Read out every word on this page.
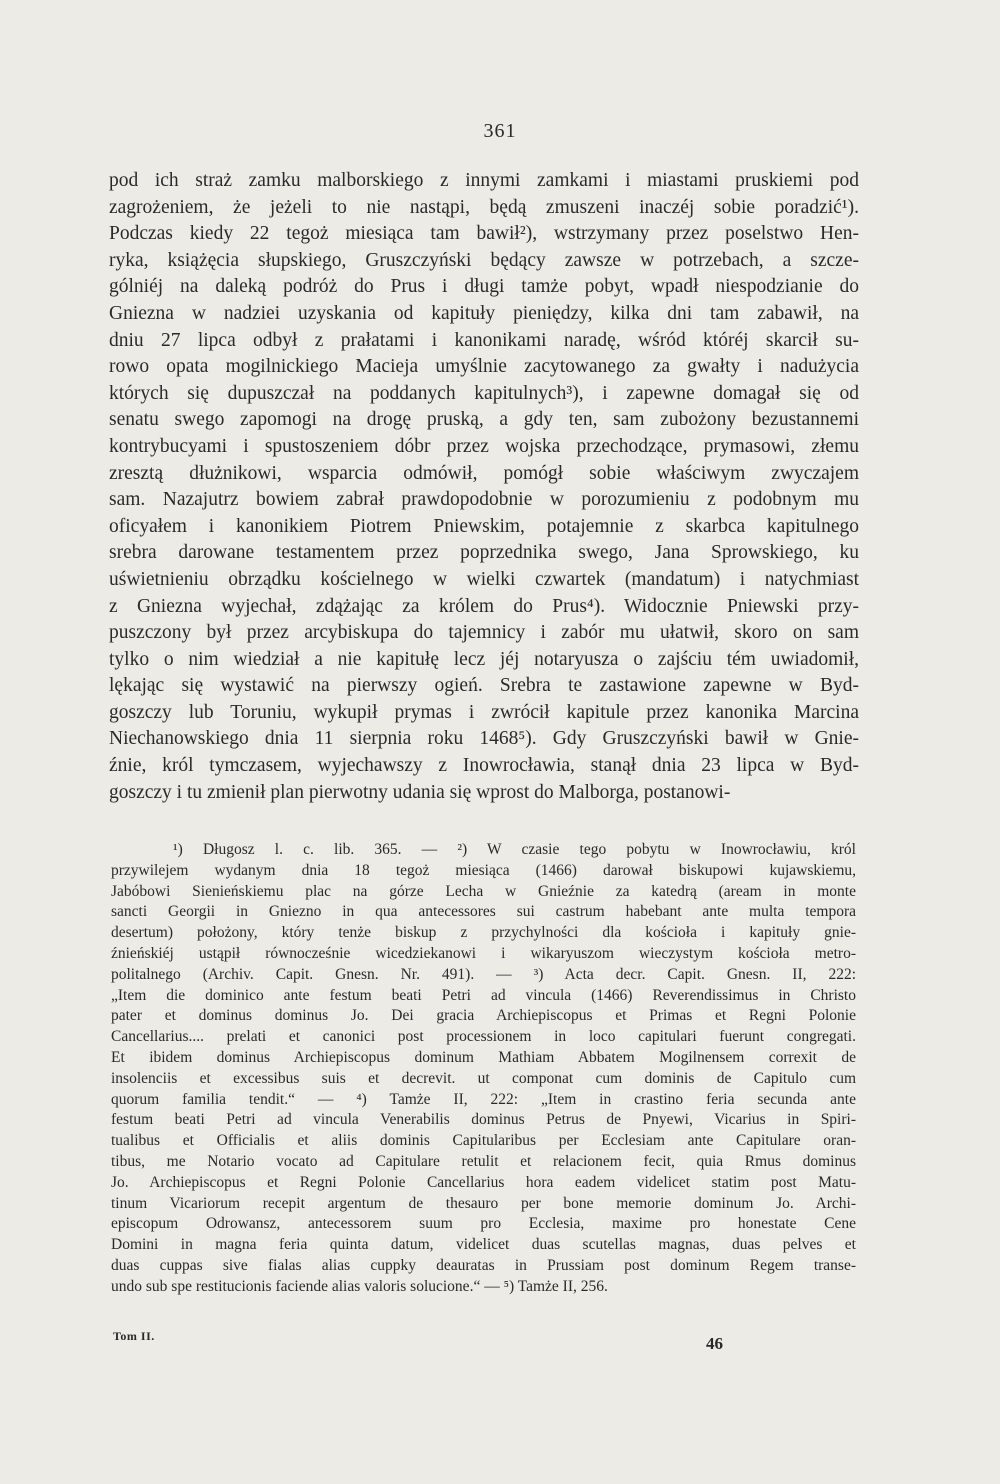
361
pod ich straż zamku malborskiego z innymi zamkami i miastami pruskiemi pod
zagrożeniem, że jeżeli to nie nastąpi, będą zmuszeni inaczéj sobie poradzić¹).
Podczas kiedy 22 tegoż miesiąca tam bawił²), wstrzymany przez poselstwo Hen-
ryka, książęcia słupskiego, Gruszczyński będący zawsze w potrzebach, a szcze-
gólniéj na daleką podróż do Prus i długi tamże pobyt, wpadł niespodzianie do
Gniezna w nadziei uzyskania od kapituły pieniędzy, kilka dni tam zabawił, na
dniu 27 lipca odbył z prałatami i kanonikami naradę, wśród któréj skarcił su-
rowo opata mogilnickiego Macieja umyślnie zacytowanego za gwałty i nadużycia
których się dupuszczał na poddanych kapitulnych³), i zapewne domagał się od
senatu swego zapomogi na drogę pruską, a gdy ten, sam zubożony bezustannemi
kontrybucyami i spustoszeniem dóbr przez wojska przechodzące, prymasowi, złemu
zresztą dłużnikowi, wsparcia odmówił, pomógł sobie właściwym zwyczajem
sam. Nazajutrz bowiem zabrał prawdopodobnie w porozumieniu z podobnym mu
oficyałem i kanonikiem Piotrem Pniewskim, potajemnie z skarbca kapitulnego
srebra darowane testamentem przez poprzednika swego, Jana Sprowskiego, ku
uświetnieniu obrządku kościelnego w wielki czwartek (mandatum) i natychmiast
z Gniezna wyjechał, zdążając za królem do Prus⁴). Widocznie Pniewski przy-
puszczony był przez arcybiskupa do tajemnicy i zabór mu ułatwił, skoro on sam
tylko o nim wiedział a nie kapitułę lecz jéj notaryusza o zajściu tém uwiadomił,
lękając się wystawić na pierwszy ogień. Srebra te zastawione zapewne w Byd-
goszczy lub Toruniu, wykupił prymas i zwrócił kapitule przez kanonika Marcina
Niechanowskiego dnia 11 sierpnia roku 1468⁵). Gdy Gruszczyński bawił w Gnie-
źnie, król tymczasem, wyjechawszy z Inowrocławia, stanął dnia 23 lipca w Byd-
goszczy i tu zmienił plan pierwotny udania się wprost do Malborga, postanowi-
¹) Długosz l. c. lib. 365. — ²) W czasie tego pobytu w Inowrocławiu, król
przywilejem wydanym dnia 18 tegoż miesiąca (1466) darował biskupowi kujawskiemu,
Jabóbowi Sienieńskiemu plac na górze Lecha w Gnieźnie za katedrą (aream in monte
sancti Georgii in Gniezno in qua antecessores sui castrum habebant ante multa tempora
desertum) położony, który tenże biskup z przychylności dla kościoła i kapituły gnie-
źnieńskiéj ustąpił równocześnie wicedziekanowi i wikaryuszom wieczystym kościoła metro-
politalnego (Archiv. Capit. Gnesn. Nr. 491). — ³) Acta decr. Capit. Gnesn. II, 222:
„Item die dominico ante festum beati Petri ad vincula (1466) Reverendissimus in Christo
pater et dominus dominus Jo. Dei gracia Archiepiscopus et Primas et Regni Polonie
Cancellarius.... prelati et canonici post processionem in loco capitulari fuerunt congregati.
Et ibidem dominus Archiepiscopus dominum Mathiam Abbatem Mogilnensem correxit de
insolenciis et excessibus suis et decrevit. ut componat cum dominis de Capitulo cum
quorum familia tendit.“ — ⁴) Tamże II, 222: „Item in crastino feria secunda ante
festum beati Petri ad vincula Venerabilis dominus Petrus de Pnyewi, Vicarius in Spiri-
tualibus et Officialis et aliis dominis Capitularibus per Ecclesiam ante Capitulare oran-
tibus, me Notario vocato ad Capitulare retulit et relacionem fecit, quia Rmus dominus
Jo. Archiepiscopus et Regni Polonie Cancellarius hora eadem videlicet statim post Matu-
tinum Vicariorum recepit argentum de thesauro per bone memorie dominum Jo. Archi-
episcopum Odrowansz, antecessorem suum pro Ecclesia, maxime pro honestate Cene
Domini in magna feria quinta datum, videlicet duas scutellas magnas, duas pelves et
duas cuppas sive fialas alias cuppky deauratas in Prussiam post dominum Regem transe-
undo sub spe restitucionis faciende alias valoris solucione.“ — ⁵) Tamże II, 256.
Tom II.	46
